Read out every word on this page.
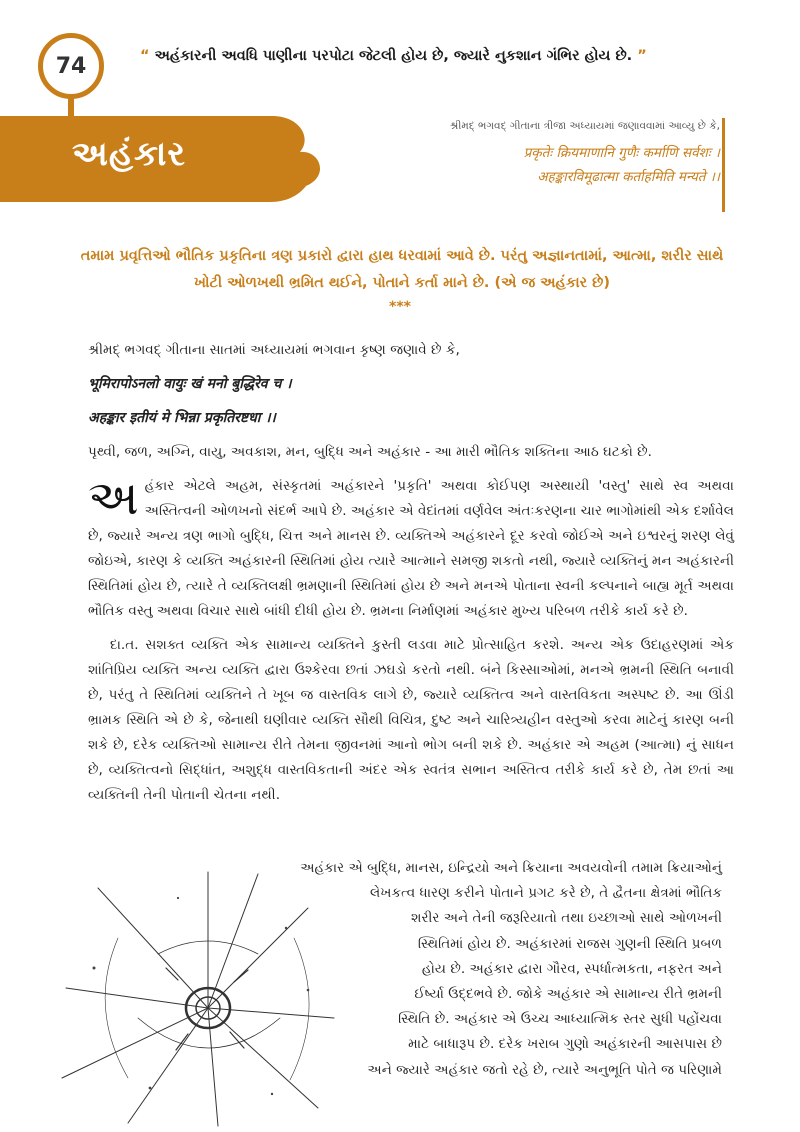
74	“ અહંકારની અવધિ પાણીના પરપોટા જેટલી હોય છે, જ્યારે નુકશાન ગંભિર હોય છે. ”
અહંકાર
શ્રીમદ્ ભગવદ્ ગીતાના ત્રીજા અધ્યાયમાં જણાવવામાં આવ્યુ છે કે,
प्रकृतेः क्रियमाणानि गुणैः कर्माणि सर्वशः ।
अहङ्कारविमूढात्मा कर्ताहमिति मन्यते ।।
તમામ પ્રવૃત્તિઓ ભૌતિક પ્રકૃતિના ત્રણ પ્રકારો દ્વારા હાથ ધરવામાં આવે છે. પરંતુ અજ્ઞાનતામાં, આત્મા, શરીર સાથે ખોટી ઓળખથી ભ્રમિત થઈને, પોતાને કર્તા માને છે. (એ જ અહંકાર છે)
***

શ્રીમદ્ ભગવદ્ ગીતાના સાતમાં અધ્યાયમાં ભગવાન કૃષ્ણ જણાવે છે કે,

भूमिरापोऽनलो वायुः खं मनो बुद्धिरेव च ।

अहङ्कार इतीयं मे भिन्ना प्रकृतिरष्टधा ।।

પૃથ્વી, જળ, અગ્નિ, વાયુ, અવકાશ, મન, બુદ્ધિ અને અહંકાર - આ મારી ભૌતિક શક્તિના આઠ ઘટકો છે.

અ હંકાર એટલે અહમ, સંસ્કૃતમાં અહંકારને 'પ્રકૃતિ' અથવા કોઈપણ અસ્થાયી 'વસ્તુ' સાથે સ્વ અથવા અસ્તિત્વની ઓળખનો સંદર્ભ આપે છે. અહંકાર એ વેદાંતમાં વર્ણવેલ અંતઃકરણના ચાર ભાગોમાંથી એક દર્શાવેલ છે, જ્યારે અન્ય ત્રણ ભાગો બુદ્ધિ, ચિત્ત અને માનસ છે. વ્યક્તિએ અહંકારને દૂર કરવો જોઈએ અને ઇશ્વરનું શરણ લેવું જોઇએ, કારણ કે વ્યક્તિ અહંકારની સ્થિતિમાં હોય ત્યારે આત્માને સમજી શકતો નથી, જ્યારે વ્યક્તિનું મન અહંકારની સ્થિતિમાં હોય છે, ત્યારે તે વ્યક્તિલક્ષી ભ્રમણાની સ્થિતિમાં હોય છે અને મનએ પોતાના સ્વની કલ્પનાને બાહ્ય મૂર્ત અથવા ભૌતિક વસ્તુ અથવા વિચાર સાથે બાંધી દીધી હોય છે. ભ્રમના નિર્માણમાં અહંકાર મુખ્ય પરિબળ તરીકે કાર્ય કરે છે.

દા.ત. સશક્ત વ્યક્તિ એક સામાન્ય વ્યક્તિને કુસ્તી લડવા માટે પ્રોત્સાહિત કરશે. અન્ય એક ઉદાહરણમાં એક શાંતિપ્રિય વ્યક્તિ અન્ય વ્યક્તિ દ્વારા ઉશ્કેરવા છતાં ઝઘડો કરતો નથી. બંને કિસ્સાઓમાં, મનએ ભ્રમની સ્થિતિ બનાવી છે, પરંતુ તે સ્થિતિમાં વ્યક્તિને તે ખૂબ જ વાસ્તવિક લાગે છે, જ્યારે વ્યક્તિત્વ અને વાસ્તવિકતા અસ્પષ્ટ છે. આ ઊંડી ભ્રામક સ્થિતિ એ છે કે, જેનાથી ઘણીવાર વ્યક્તિ સૌથી વિચિત્ર, દુષ્ટ અને ચારિત્ર્યહીન વસ્તુઓ કરવા માટેનું કારણ બની શકે છે, દરેક વ્યક્તિઓ સામાન્ય રીતે તેમના જીવનમાં આનો ભોગ બની શકે છે. અહંકાર એ અહમ (આત્મા) નું સાધન છે, વ્યક્તિત્વનો સિદ્ધાંત, અશુદ્ધ વાસ્તવિકતાની અંદર એક સ્વતંત્ર સભાન અસ્તિત્વ તરીકે કાર્ય કરે છે, તેમ છતાં આ વ્યક્તિની તેની પોતાની ચેતના નથી.

અહંકાર એ બુદ્ધિ, માનસ, ઇન્દ્રિયો અને ક્રિયાના અવયવોની તમામ ક્રિયાઓનું
લેખકત્વ ધારણ કરીને પોતાને પ્રગટ કરે છે, તે દ્વૈતના ક્ષેત્રમાં ભૌતિક
શરીર અને તેની જરૂરિયાતો તથા ઇચ્છાઓ સાથે ઓળખની
સ્થિતિમાં હોય છે. અહંકારમાં રાજસ ગુણની સ્થિતિ પ્રબળ
હોય છે. અહંકાર દ્વારા ગૌરવ, સ્પર્ધાત્મકતા, નફરત અને
ઈર્ષ્યા ઉદ્દભવે છે. જોકે અહંકાર એ સામાન્ય રીતે ભ્રમની
સ્થિતિ છે. અહંકાર એ ઉચ્ચ આધ્યાત્મિક સ્તર સુધી પહોંચવા
માટે બાધારૂપ છે. દરેક ખરાબ ગુણો અહંકારની આસપાસ છે
અને જ્યારે અહંકાર જતો રહે છે, ત્યારે અનુભૂતિ પોતે જ પરિણામે
